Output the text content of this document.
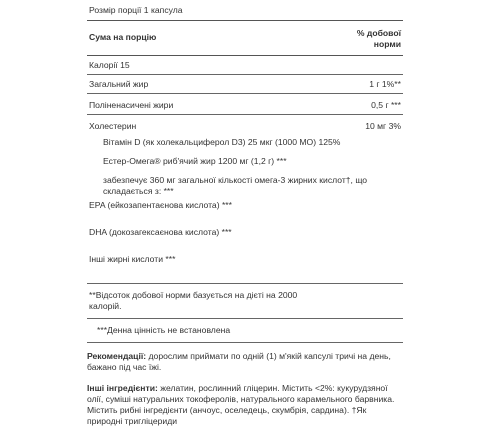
Розмір порції 1 капсула
Сума на порцію	% добової
норми
Калорії 15
Загальний жир	1 г 1%**
Поліненасичені жири	0,5 г ***
Холестерин	10 мг 3%
Вітамін D (як холекальциферол D3) 25 мкг (1000 МО) 125%
Естер-Омега® риб'ячий жир 1200 мг (1,2 г) ***
забезпечує 360 мг загальної кількості омега-3 жирних кислот†, що
складається з: ***
EPA (ейкозапентаєнова кислота) ***
DHA (докозагексаєнова кислота) ***
Інші жирні кислоти ***
**Відсоток добової норми базується на дієті на 2000
калорій.
***Денна цінність не встановлена
Рекомендації: дорослим приймати по одній (1) м'якій капсулі тричі на день,
бажано під час їжі.
Інші інгредієнти: желатин, рослинний гліцерин. Містить <2%: кукурудзяної
олії, суміші натуральних токоферолів, натурального карамельного барвника.
Містить рибні інгредієнти (анчоус, оселедець, скумбрія, сардина). †Як
природні тригліцериди
